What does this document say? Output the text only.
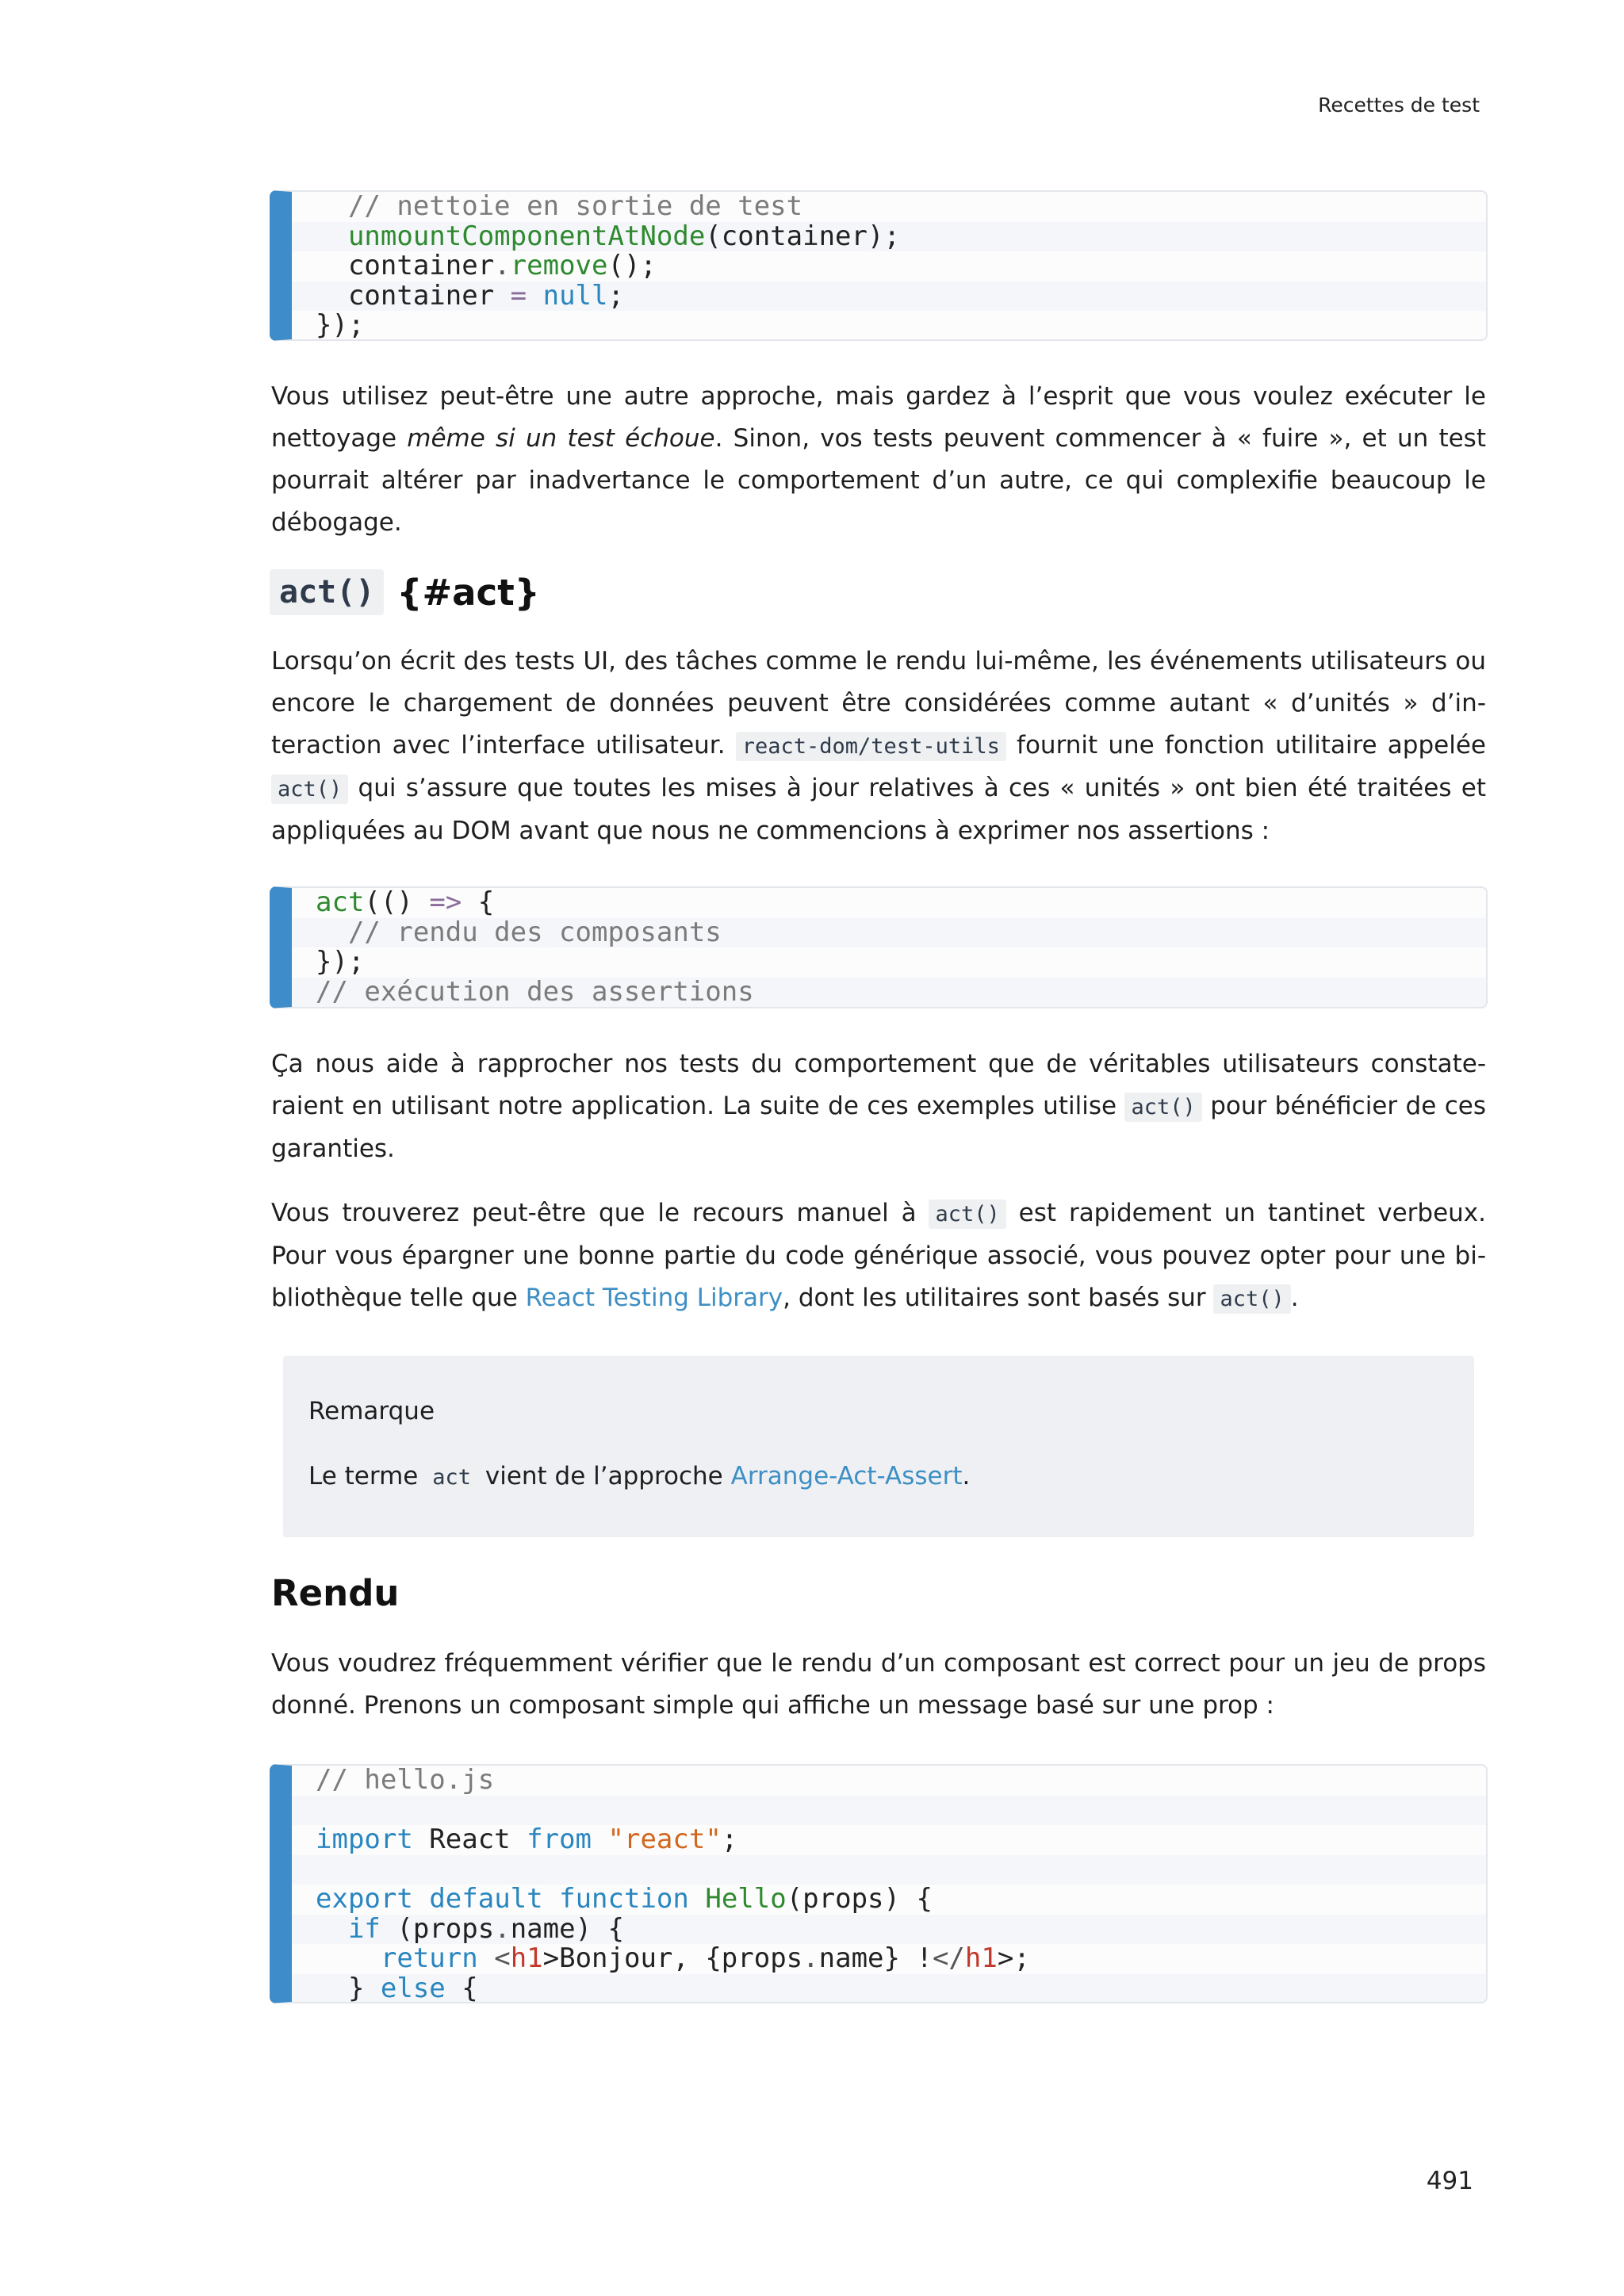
Recettes de test
// nettoie en sortie de test
unmountComponentAtNode(container);
container.remove();
container = null;
});

Vous utilisez peut-être une autre approche, mais gardez à l’esprit que vous voulez exécuter le nettoyage même si un test échoue. Sinon, vos tests peuvent commencer à « fuire », et un test pourrait altérer par inadvertance le comportement d’un autre, ce qui complexifie beaucoup le débogage.

act() {#act}

Lorsqu’on écrit des tests UI, des tâches comme le rendu lui-même, les événements utilisateurs ou encore le chargement de données peuvent être considérées comme autant « d’unités » d’interaction avec l’interface utilisateur. react-dom/test-utils fournit une fonction utilitaire appelée act() qui s’assure que toutes les mises à jour relatives à ces « unités » ont bien été traitées et appliquées au DOM avant que nous ne commencions à exprimer nos assertions :

act(() => {
// rendu des composants
});
// exécution des assertions

Ça nous aide à rapprocher nos tests du comportement que de véritables utilisateurs constateraient en utilisant notre application. La suite de ces exemples utilise act() pour bénéficier de ces garanties.

Vous trouverez peut-être que le recours manuel à act() est rapidement un tantinet verbeux. Pour vous épargner une bonne partie du code générique associé, vous pouvez opter pour une bibliothèque telle que React Testing Library, dont les utilitaires sont basés sur act() .

Remarque
Le terme act vient de l’approche Arrange-Act-Assert.
Rendu

Vous voudrez fréquemment vérifier que le rendu d’un composant est correct pour un jeu de props donné. Prenons un composant simple qui affiche un message basé sur une prop :

// hello.js
import React from "react";
export default function Hello(props) {
if (props.name) {
return <h1>Bonjour, {props.name} !</h1>;
} else {
491
